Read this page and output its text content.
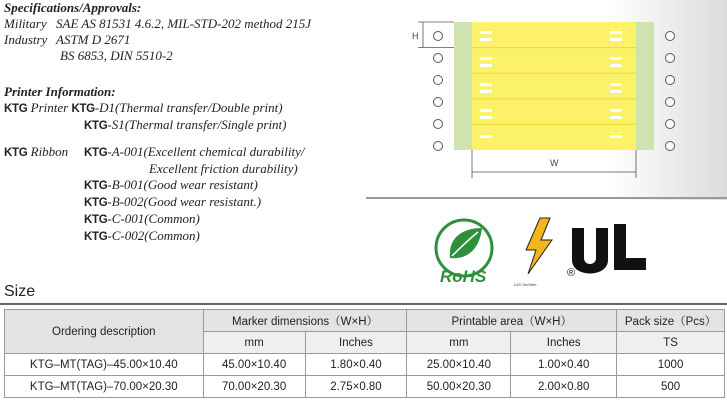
Specifications/Approvals:
Military SAE AS 81531 4.6.2, MIL-STD-202 method 215J
Industry ASTM D 2671
BS 6853, DIN 5510-2
Printer Information:
KTG Printer KTG-D1(Thermal transfer/Double print)
KTG-S1(Thermal transfer/Single print)
KTG Ribbon KTG-A-001(Excellent chemical durability/
Excellent friction durability)
KTG-B-001(Good wear resistant)
KTG-B-002(Good wear resistant.)
KTG-C-001(Common)
KTG-C-002(Common)
H
W
RoHS	≥19.7kV/mm
®
Size
Ordering description	Marker dimensions（W×H）		Printable area（W×H）		Pack size（Pcs）
	mm	Inches	mm	Inches	TS
KTG–MT(TAG)–45.00×10.40	45.00×10.40	1.80×0.40	25.00×10.40	1.00×0.40	1000
KTG–MT(TAG)–70.00×20.30	70.00×20.30	2.75×0.80	50.00×20.30	2.00×0.80	500
